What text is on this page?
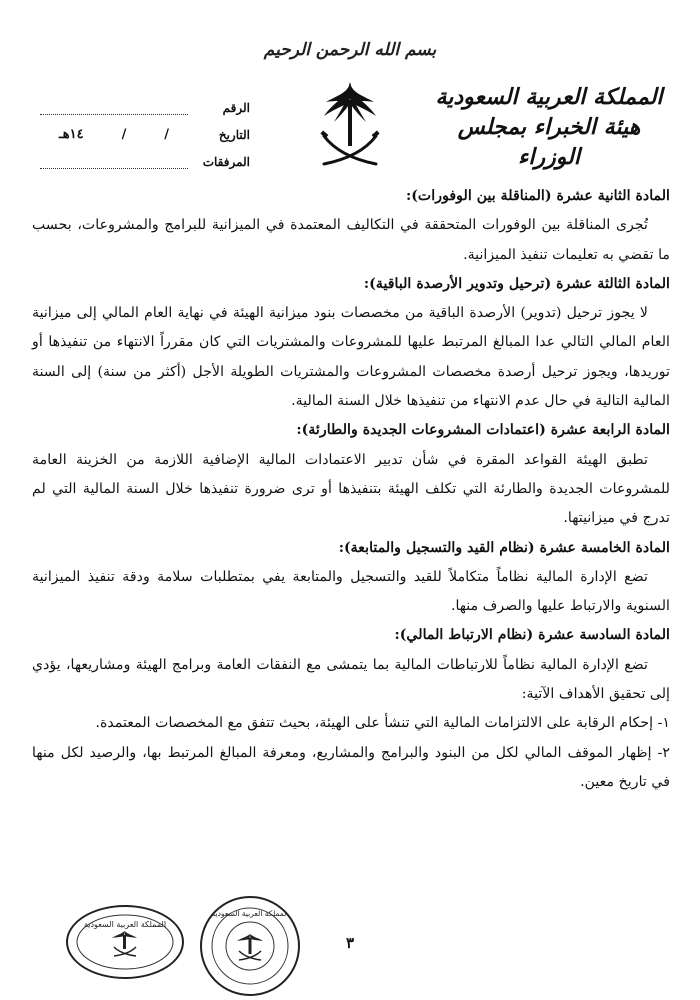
بسم الله الرحمن الرحيم
المملكة العربية السعودية
هيئة الخبراء بمجلس الوزراء
الرقم
التاريخ
/
/
١٤هـ
المرفقات

المادة الثانية عشرة (المناقلة بين الوفورات):

تُجرى المناقلة بين الوفورات المتحققة في التكاليف المعتمدة في الميزانية للبرامج والمشروعات، بحسب ما تقضي به تعليمات تنفيذ الميزانية.

المادة الثالثة عشرة (ترحيل وتدوير الأرصدة الباقية):

لا يجوز ترحيل (تدوير) الأرصدة الباقية من مخصصات بنود ميزانية الهيئة في نهاية العام المالي إلى ميزانية العام المالي التالي عدا المبالغ المرتبط عليها للمشروعات والمشتريات التي كان مقرراً الانتهاء من تنفيذها أو توريدها، ويجوز ترحيل أرصدة مخصصات المشروعات والمشتريات الطويلة الأجل (أكثر من سنة) إلى السنة المالية التالية في حال عدم الانتهاء من تنفيذها خلال السنة المالية.

المادة الرابعة عشرة (اعتمادات المشروعات الجديدة والطارئة):

تطبق الهيئة القواعد المقرة في شأن تدبير الاعتمادات المالية الإضافية اللازمة من الخزينة العامة للمشروعات الجديدة والطارئة التي تكلف الهيئة بتنفيذها أو ترى ضرورة تنفيذها خلال السنة المالية التي لم تدرج في ميزانيتها.

المادة الخامسة عشرة (نظام القيد والتسجيل والمتابعة):

تضع الإدارة المالية نظاماً متكاملاً للقيد والتسجيل والمتابعة يفي بمتطلبات سلامة ودقة تنفيذ الميزانية السنوية والارتباط عليها والصرف منها.

المادة السادسة عشرة (نظام الارتباط المالي):

تضع الإدارة المالية نظاماً للارتباطات المالية بما يتمشى مع النفقات العامة وبرامج الهيئة ومشاريعها، يؤدي إلى تحقيق الأهداف الآتية:

١- إحكام الرقابة على الالتزامات المالية التي تنشأ على الهيئة، بحيث تتفق مع المخصصات المعتمدة.

٢- إظهار الموقف المالي لكل من البنود والبرامج والمشاريع، ومعرفة المبالغ المرتبط بها، والرصيد لكل منها في تاريخ معين.

٣
المملكة العربية السعودية
المملكة العربية السعودية
